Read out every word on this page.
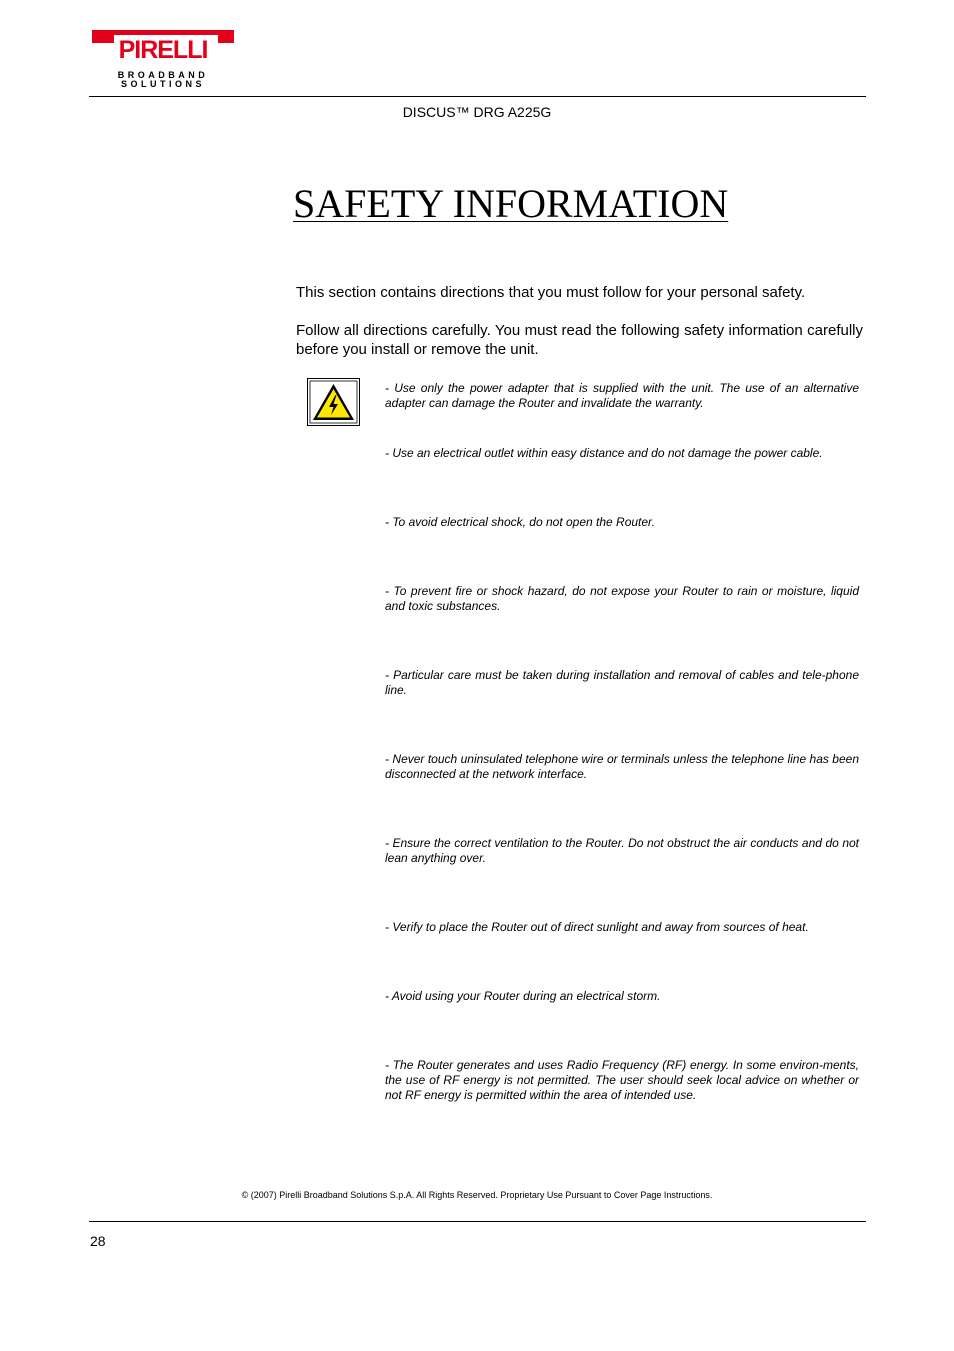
PIRELLI
BROADBAND
SOLUTIONS
DISCUS™ DRG A225G
SAFETY INFORMATION
This section contains directions that you must follow for your personal safety.
Follow all directions carefully. You must read the following safety information carefully before you install or remove the unit.
- Use only the power adapter that is supplied with the unit. The use of an alternative adapter can damage the Router and invalidate the warranty.
- Use an electrical outlet within easy distance and do not damage the power cable.
- To avoid electrical shock, do not open the Router.
- To prevent fire or shock hazard, do not expose your Router to rain or moisture, liquid and toxic substances.
- Particular care must be taken during installation and removal of cables and tele-phone line.
- Never touch uninsulated telephone wire or terminals unless the telephone line has been disconnected at the network interface.
- Ensure the correct ventilation to the Router. Do not obstruct the air conducts and do not lean anything over.
- Verify to place the Router out of direct sunlight and away from sources of heat.
- Avoid using your Router during an electrical storm.
- The Router generates and uses Radio Frequency (RF) energy. In some environ-ments, the use of RF energy is not permitted. The user should seek local advice on whether or not RF energy is permitted within the area of intended use.
© (2007) Pirelli Broadband Solutions S.p.A. All Rights Reserved. Proprietary Use Pursuant to Cover Page Instructions.
28
